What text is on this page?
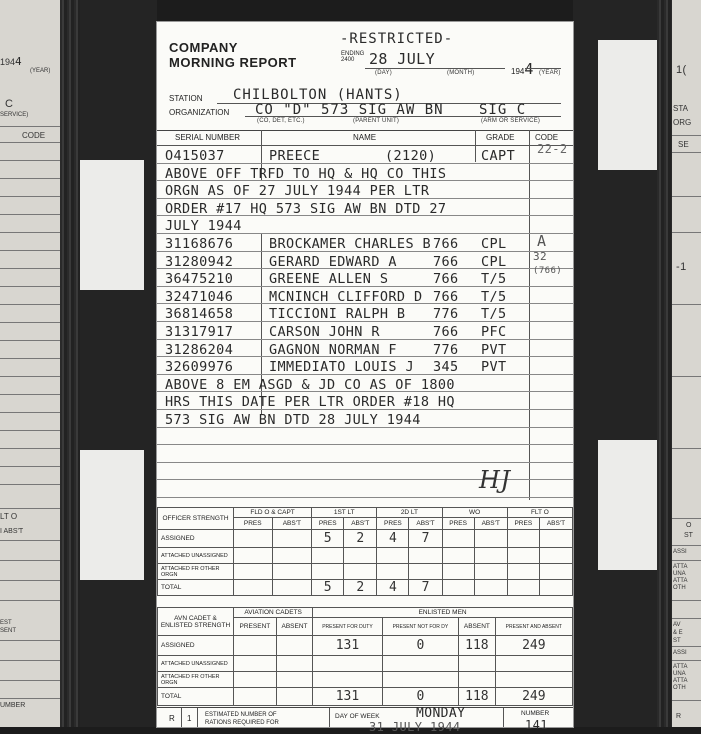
1944
(YEAR)
C
SERVICE)
CODE
LT O
I ABS'T
EST
SENT
UMBER
1(
STA
ORG
SE
-1
O
ST
ASSI
ATTA
UNA
ATTA
OTH
AV
& E
ST
ASSI
ATTA
UNA
ATTA
OTH
R
COMPANY
MORNING REPORT
-RESTRICTED-
ENDING
2400 28 JULY
(DAY)	(MONTH)	1944 (YEAR)
STATION CHILBOLTON (HANTS)
ORGANIZATION CO "D" 573 SIG AW BN	SIG C
(CO, DET, ETC.)	(PARENT UNIT)	(ARM OR SERVICE)
SERIAL NUMBER	NAME	GRADE	CODE
O415037	PREECE	(2120)	CAPT
ABOVE OFF TRFD TO HQ & HQ CO THIS
ORGN AS OF 27 JULY 1944 PER LTR
ORDER #17 HQ 573 SIG AW BN DTD 27
JULY 1944
31168676	BROCKAMER CHARLES B 766 CPL
31280942	GERARD EDWARD A	766 CPL
36475210	GREENE ALLEN S	766 T/5
32471046	MCNINCH CLIFFORD D 766 T/5
36814658	TICCIONI RALPH B 776 T/5
31317917	CARSON JOHN R	766 PFC
31286204	GAGNON NORMAN F	776 PVT
32609976	IMMEDIATO LOUIS J 345 PVT
ABOVE 8 EM ASGD & JD CO AS OF 1800
HRS THIS DATE PER LTR ORDER #18 HQ
573 SIG AW BN DTD 28 JULY 1944
22-2
A
32
(766)
HJ
OFFICER STRENGTH	FLD O & CAPT		1ST LT		2D LT		WO		FLT O	
	PRES	ABS'T	PRES	ABS'T	PRES	ABS'T	PRES	ABS'T	PRES	ABS'T
ASSIGNED			5	2	4	7				
ATTACHED UNASSIGNED										
ATTACHED FR OTHER ORGN										
TOTAL			5	2	4	7				
AVN CADET & ENLISTED STRENGTH	AVIATION CADETS		ENLISTED MEN			
	PRESENT	ABSENT	PRESENT FOR DUTY	PRESENT NOT FOR DY	ABSENT	PRESENT AND ABSENT
ASSIGNED			131	0	118	249
ATTACHED UNASSIGNED						
ATTACHED FR OTHER ORGN						
TOTAL			131	0	118	249
R 1 ESTIMATED NUMBER OF
RATIONS REQUIRED FOR
DAY OF WEEK	MONDAY
31 JULY 1944
NUMBER
141
